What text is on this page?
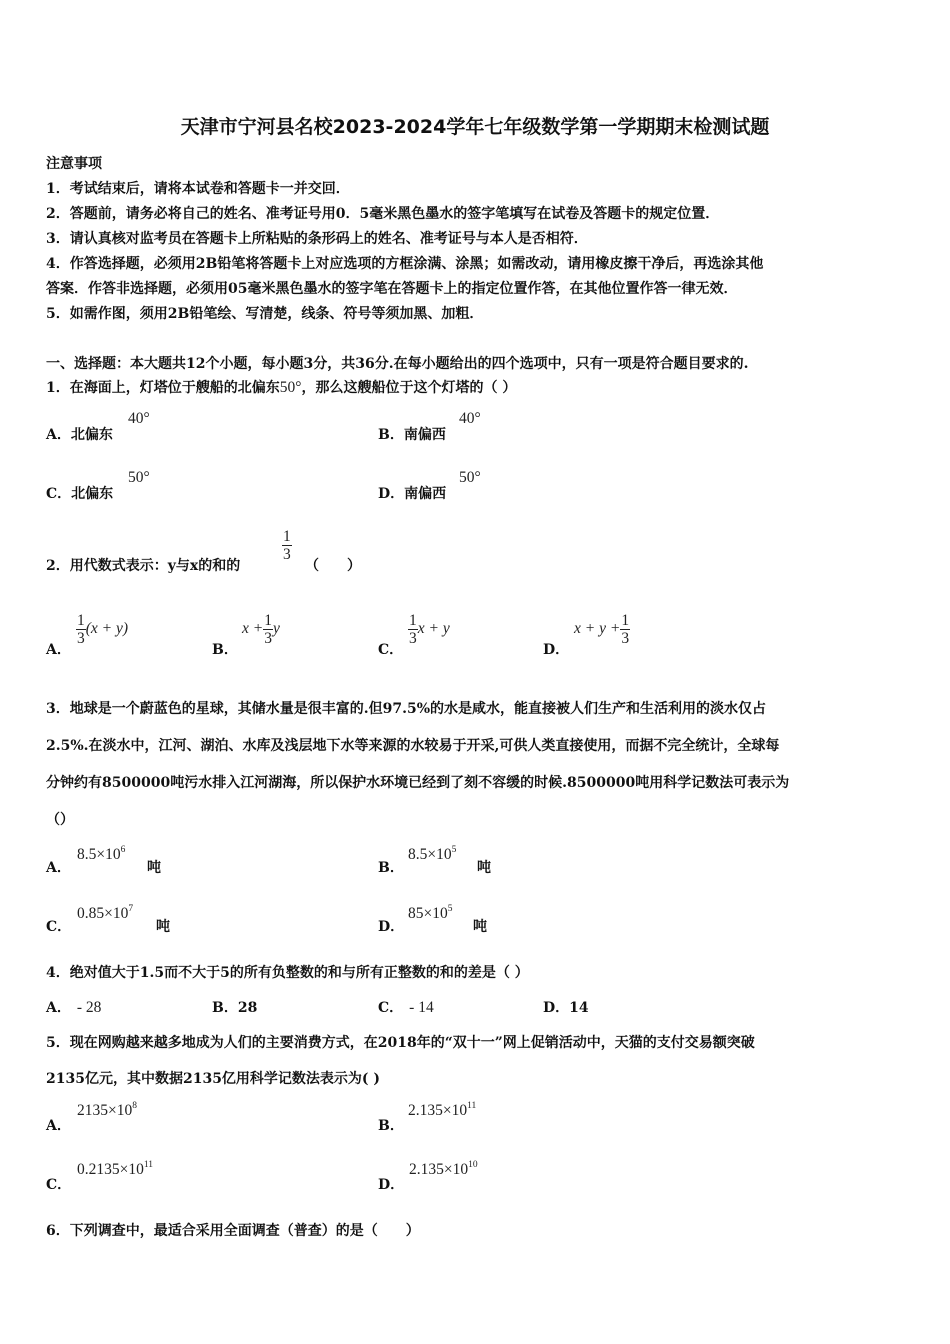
天津市宁河县名校2023-2024学年七年级数学第一学期期末检测试题
注意事项
1．考试结束后，请将本试卷和答题卡一并交回．
2．答题前，请务必将自己的姓名、准考证号用0．5毫米黑色墨水的签字笔填写在试卷及答题卡的规定位置．
3．请认真核对监考员在答题卡上所粘贴的条形码上的姓名、准考证号与本人是否相符．
4．作答选择题，必须用2B铅笔将答题卡上对应选项的方框涂满、涂黑；如需改动，请用橡皮擦干净后，再选涂其他
答案．作答非选择题，必须用05毫米黑色墨水的签字笔在答题卡上的指定位置作答，在其他位置作答一律无效．
5．如需作图，须用2B铅笔绘、写清楚，线条、符号等须加黑、加粗．
一、选择题：本大题共12个小题，每小题3分，共36分.在每小题给出的四个选项中，只有一项是符合题目要求的.
1．在海面上，灯塔位于艘船的北偏东50°，那么这艘船位于这个灯塔的（ ）
A．北偏东
40°
B．南偏西
40°
C．北偏东
50°
D．南偏西
50°
2．用代数式表示：y与x的和的
$\frac{1}{3}$
（　　）
A．
$\frac{1}{3} (x + y)$
B．
$x + \frac{1}{3}$ y
C．
$\frac{1}{3}$ x + y
D．
$x + y + \frac{1}{3}$
3．地球是一个蔚蓝色的星球，其储水量是很丰富的.但97.5%的水是咸水，能直接被人们生产和生活利用的淡水仅占
2.5%.在淡水中，江河、湖泊、水库及浅层地下水等来源的水较易于开采,可供人类直接使用，而据不完全统计，全球每
分钟约有8500000吨污水排入江河湖海，所以保护水环境已经到了刻不容缓的时候.8500000吨用科学记数法可表示为
（）
A．
$8.5\times 10^6$
吨	B．
$8.5\times 10^5$
吨
C．
$0.85\times 10^7$
吨	D．
$85\times 10^5$
吨
4．绝对值大于1.5而不大于5的所有负整数的和与所有正整数的和的差是（ ）
A． - 28	B．28	C． - 14	D．14
5．现在网购越来越多地成为人们的主要消费方式，在2018年的“双十一”网上促销活动中，天猫的支付交易额突破
2135亿元，其中数据2135亿用科学记数法表示为( )
A．
$2135\times 10^8$
B．
$2.135\times 10^{11}$
C．
$0.2135\times 10^{11}$
D．
$2.135\times 10^{10}$
6．下列调查中，最适合采用全面调查（普查）的是（　　）
